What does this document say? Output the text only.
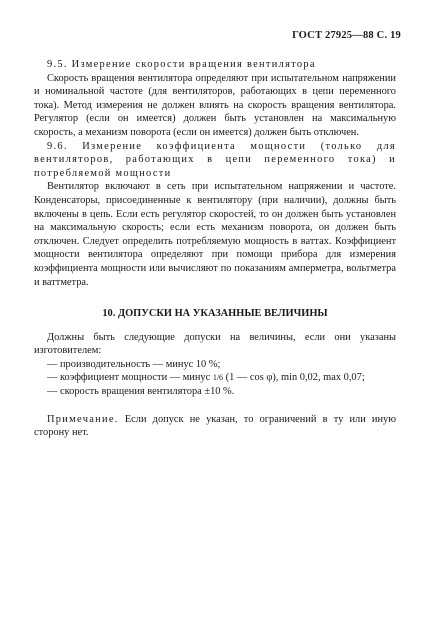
ГОСТ 27925—88 С. 19

9.5. Измерение скорости вращения вентилятора

Скорость вращения вентилятора определяют при испытательном напряжении и номинальной частоте (для вентиляторов, работающих в цепи переменного тока). Метод измерения не должен влиять на скорость вращения вентилятора. Регулятор (если он имеется) должен быть установлен на максимальную скорость, а механизм поворота (если он имеется) должен быть отключен.

9.6. Измерение коэффициента мощности (только для вентиляторов, работающих в цепи переменного тока) и потребляемой мощности

Вентилятор включают в сеть при испытательном напряжении и частоте. Конденсаторы, присоединенные к вентилятору (при наличии), должны быть включены в цепь. Если есть регулятор скоростей, то он должен быть установлен на максимальную скорость; если есть механизм поворота, он должен быть отключен. Следует определить потребляемую мощность в ваттах. Коэффициент мощности вентилятора определяют при помощи прибора для измерения коэффициента мощности или вычисляют по показаниям амперметра, вольтметра и ваттметра.

10. ДОПУСКИ НА УКАЗАННЫЕ ВЕЛИЧИНЫ

Должны быть следующие допуски на величины, если они указаны изготовителем:

— производительность — минус 10 %;

— коэффициент мощности — минус 1/6 (1 — cos φ), min 0,02, max 0,07;

— скорость вращения вентилятора ±10 %.

Примечание. Если допуск не указан, то ограничений в ту или иную сторону нет.
